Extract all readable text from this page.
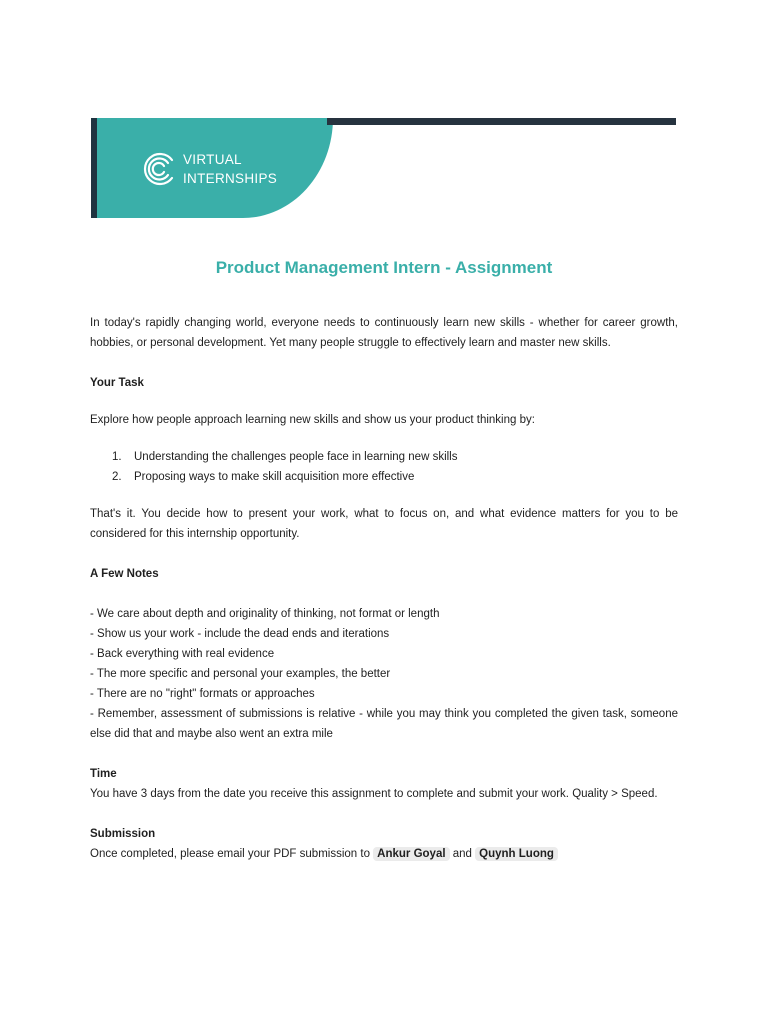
VIRTUAL
INTERNSHIPS
Product Management Intern - Assignment

In today's rapidly changing world, everyone needs to continuously learn new skills - whether for career growth, hobbies, or personal development. Yet many people struggle to effectively learn and master new skills.

Your Task

Explore how people approach learning new skills and show us your product thinking by:

1.	Understanding the challenges people face in learning new skills
2.	Proposing ways to make skill acquisition more effective

That's it. You decide how to present your work, what to focus on, and what evidence matters for you to be considered for this internship opportunity.

A Few Notes

- We care about depth and originality of thinking, not format or length

- Show us your work - include the dead ends and iterations

- Back everything with real evidence

- The more specific and personal your examples, the better

- There are no "right" formats or approaches

- Remember, assessment of submissions is relative - while you may think you completed the given task, someone else did that and maybe also went an extra mile

Time

You have 3 days from the date you receive this assignment to complete and submit your work. Quality > Speed.

Submission

Once completed, please email your PDF submission to Ankur Goyal and Quynh Luong
